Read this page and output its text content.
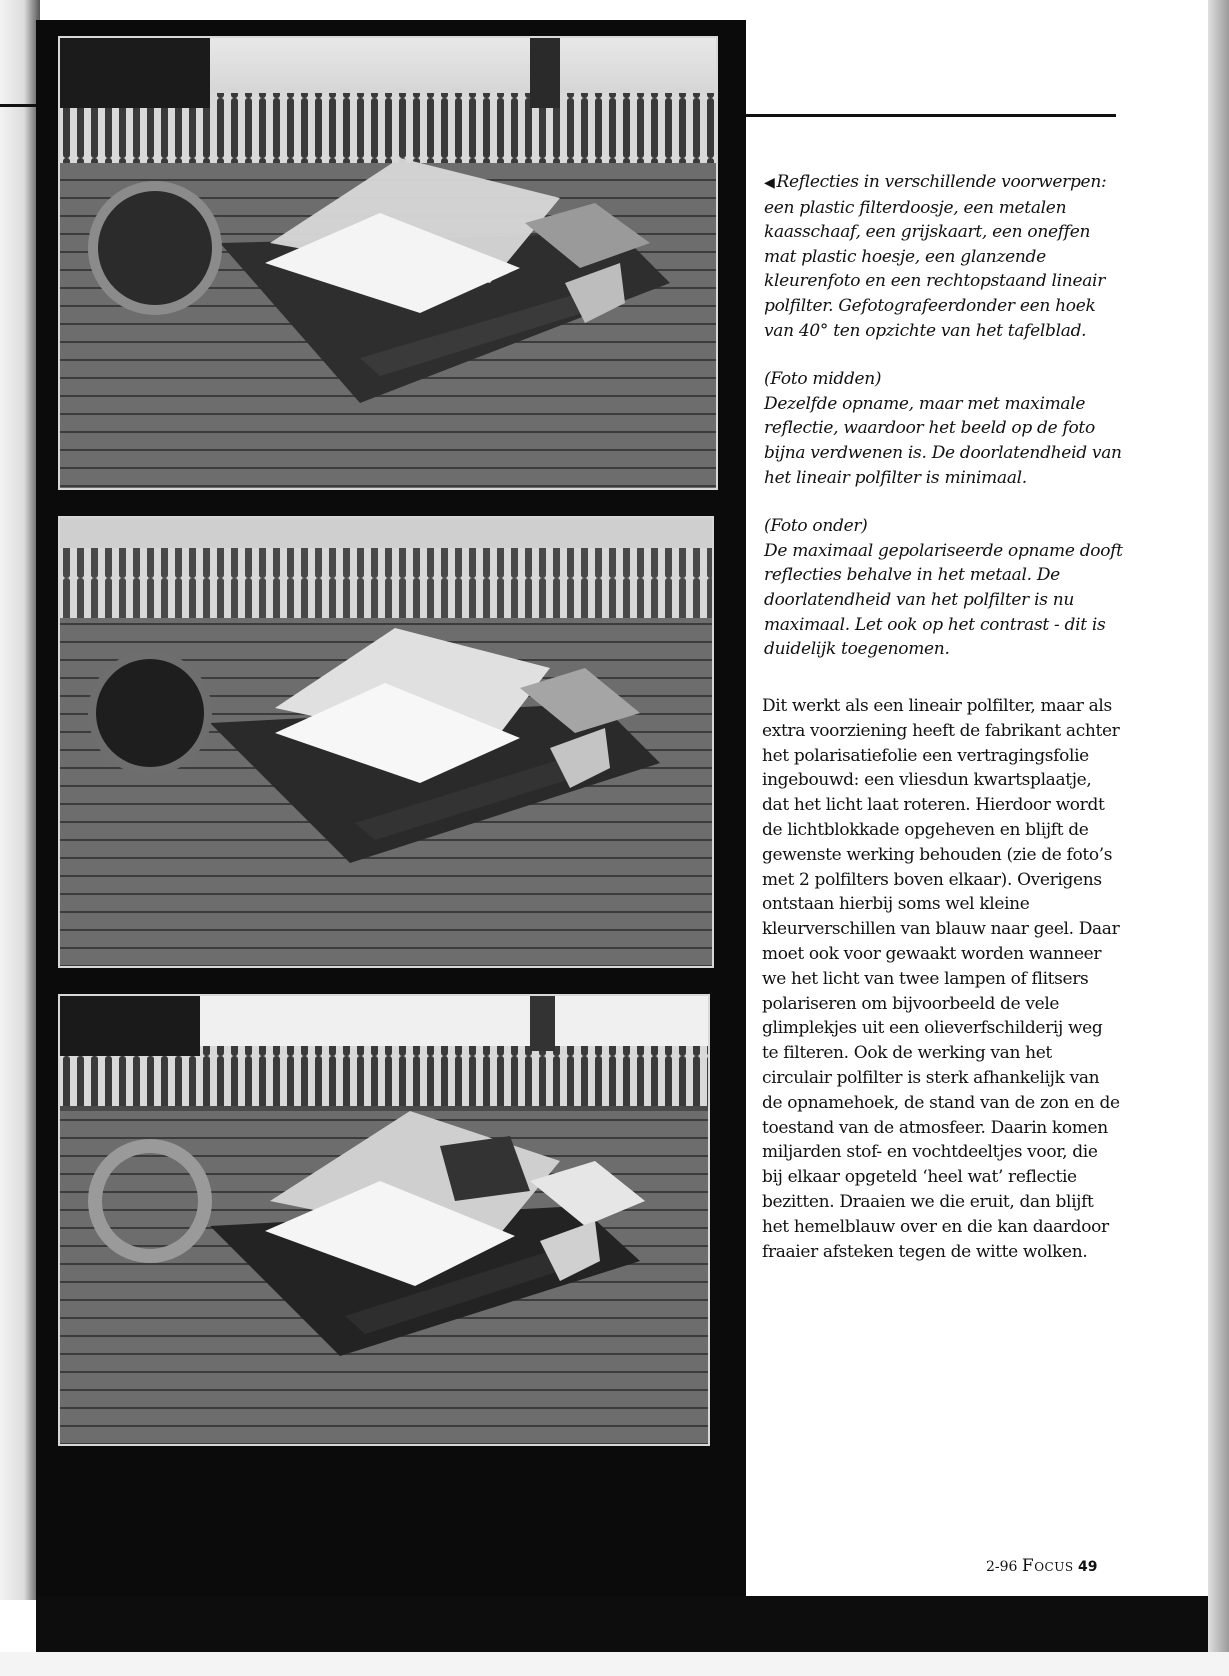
◀ Reflecties in verschillende voorwerpen: een plastic filterdoosje, een metalen kaasschaaf, een grijskaart, een oneffen mat plastic hoesje, een glanzende kleurenfoto en een rechtopstaand lineair polfilter. Gefotografeerdonder een hoek van 40° ten opzichte van het tafelblad.

(Foto midden)
Dezelfde opname, maar met maximale reflectie, waardoor het beeld op de foto bijna verdwenen is. De doorlatendheid van het lineair polfilter is minimaal.

(Foto onder)
De maximaal gepolariseerde opname dooft reflecties behalve in het metaal. De doorlatendheid van het polfilter is nu maximaal. Let ook op het contrast - dit is duidelijk toegenomen.

Dit werkt als een lineair polfilter, maar als extra voorziening heeft de fabrikant achter het polarisatiefolie een vertragingsfolie ingebouwd: een vliesdun kwartsplaatje, dat het licht laat roteren. Hierdoor wordt de lichtblokkade opgeheven en blijft de gewenste werking behouden (zie de foto’s met 2 polfilters boven elkaar). Overigens ontstaan hierbij soms wel kleine kleurverschillen van blauw naar geel. Daar moet ook voor gewaakt worden wanneer we het licht van twee lampen of flitsers polariseren om bijvoorbeeld de vele glimplekjes uit een olieverfschilderij weg te filteren. Ook de werking van het circulair polfilter is sterk afhankelijk van de opnamehoek, de stand van de zon en de toestand van de atmosfeer. Daarin komen miljarden stof- en vochtdeeltjes voor, die bij elkaar opgeteld ‘heel wat’ reflectie bezitten. Draaien we die eruit, dan blijft het hemelblauw over en die kan daardoor fraaier afsteken tegen de witte wolken.

2-96 Focus 49
